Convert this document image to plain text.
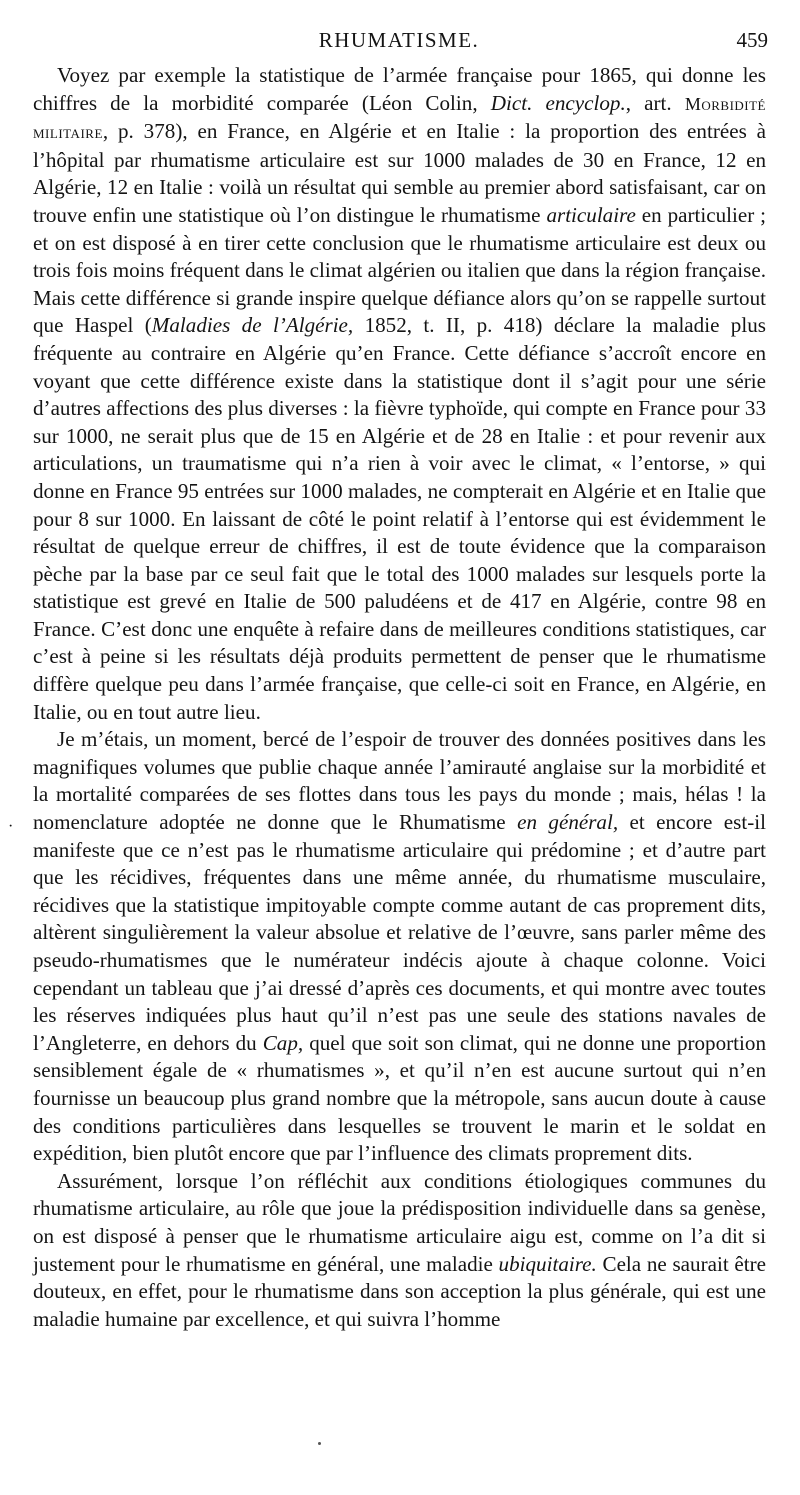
RHUMATISME.	459
·

Voyez par exemple la statistique de l’armée française pour 1865, qui donne les chiffres de la morbidité comparée (Léon Colin, Dict. encyclop., art. Morbidité militaire, p. 378), en France, en Algérie et en Italie : la proportion des entrées à l’hôpital par rhumatisme articulaire est sur 1000 malades de 30 en France, 12 en Algérie, 12 en Italie : voilà un résultat qui semble au premier abord satisfaisant, car on trouve enfin une statistique où l’on distingue le rhumatisme articulaire en particulier ; et on est disposé à en tirer cette conclusion que le rhumatisme articulaire est deux ou trois fois moins fréquent dans le climat algérien ou italien que dans la région française. Mais cette différence si grande inspire quelque défiance alors qu’on se rappelle surtout que Haspel (Maladies de l’Algérie, 1852, t. II, p. 418) déclare la maladie plus fréquente au contraire en Algérie qu’en France. Cette défiance s’accroît encore en voyant que cette différence existe dans la statistique dont il s’agit pour une série d’autres affections des plus diverses : la fièvre typhoïde, qui compte en France pour 33 sur 1000, ne serait plus que de 15 en Algérie et de 28 en Italie : et pour revenir aux articulations, un traumatisme qui n’a rien à voir avec le climat, « l’entorse, » qui donne en France 95 entrées sur 1000 malades, ne compterait en Algérie et en Italie que pour 8 sur 1000. En laissant de côté le point relatif à l’entorse qui est évidemment le résultat de quelque erreur de chiffres, il est de toute évidence que la comparaison pèche par la base par ce seul fait que le total des 1000 malades sur lesquels porte la statistique est grevé en Italie de 500 paludéens et de 417 en Algérie, contre 98 en France. C’est donc une enquête à refaire dans de meilleures conditions statistiques, car c’est à peine si les résultats déjà produits permettent de penser que le rhumatisme diffère quelque peu dans l’armée française, que celle-ci soit en France, en Algérie, en Italie, ou en tout autre lieu.

Je m’étais, un moment, bercé de l’espoir de trouver des données positives dans les magnifiques volumes que publie chaque année l’amirauté anglaise sur la morbidité et la mortalité comparées de ses flottes dans tous les pays du monde ; mais, hélas ! la nomenclature adoptée ne donne que le Rhumatisme en général, et encore est-il manifeste que ce n’est pas le rhumatisme articulaire qui prédomine ; et d’autre part que les récidives, fréquentes dans une même année, du rhumatisme musculaire, récidives que la statistique impitoyable compte comme autant de cas proprement dits, altèrent singulièrement la valeur absolue et relative de l’œuvre, sans parler même des pseudo-rhumatismes que le numérateur indécis ajoute à chaque colonne. Voici cependant un tableau que j’ai dressé d’après ces documents, et qui montre avec toutes les réserves indiquées plus haut qu’il n’est pas une seule des stations navales de l’Angleterre, en dehors du Cap, quel que soit son climat, qui ne donne une proportion sensiblement égale de « rhumatismes », et qu’il n’en est aucune surtout qui n’en fournisse un beaucoup plus grand nombre que la métropole, sans aucun doute à cause des conditions particulières dans lesquelles se trouvent le marin et le soldat en expédition, bien plutôt encore que par l’influence des climats proprement dits.

Assurément, lorsque l’on réfléchit aux conditions étiologiques communes du rhumatisme articulaire, au rôle que joue la prédisposition individuelle dans sa genèse, on est disposé à penser que le rhumatisme articulaire aigu est, comme on l’a dit si justement pour le rhumatisme en général, une maladie ubiquitaire. Cela ne saurait être douteux, en effet, pour le rhumatisme dans son acception la plus générale, qui est une maladie humaine par excellence, et qui suivra l’homme
